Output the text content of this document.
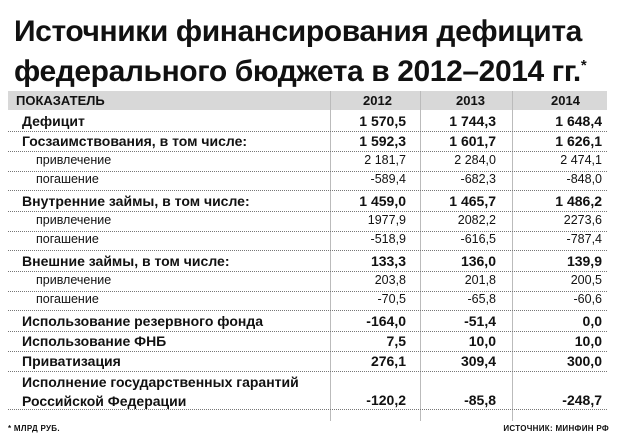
Источники финансирования дефицита
федерального бюджета в 2012–2014 гг.*
ПОКАЗАТЕЛЬ	2012	2013	2014
Дефицит	1 570,5	1 744,3	1 648,4
Госзаимствования, в том числе:	1 592,3	1 601,7	1 626,1
привлечение	2 181,7	2 284,0	2 474,1
погашение	-589,4	-682,3	-848,0
Внутренние займы, в том числе:	1 459,0	1 465,7	1 486,2
привлечение	1977,9	2082,2	2273,6
погашение	-518,9	-616,5	-787,4
Внешние займы, в том числе:	133,3	136,0	139,9
привлечение	203,8	201,8	200,5
погашение	-70,5	-65,8	-60,6
Использование резервного фонда	-164,0	-51,4	0,0
Использование ФНБ	7,5	10,0	10,0
Приватизация	276,1	309,4	300,0
Исполнение государственных гарантий Российской Федерации	-120,2	-85,8	-248,7
* МЛРД РУБ.	ИСТОЧНИК: МИНФИН РФ
